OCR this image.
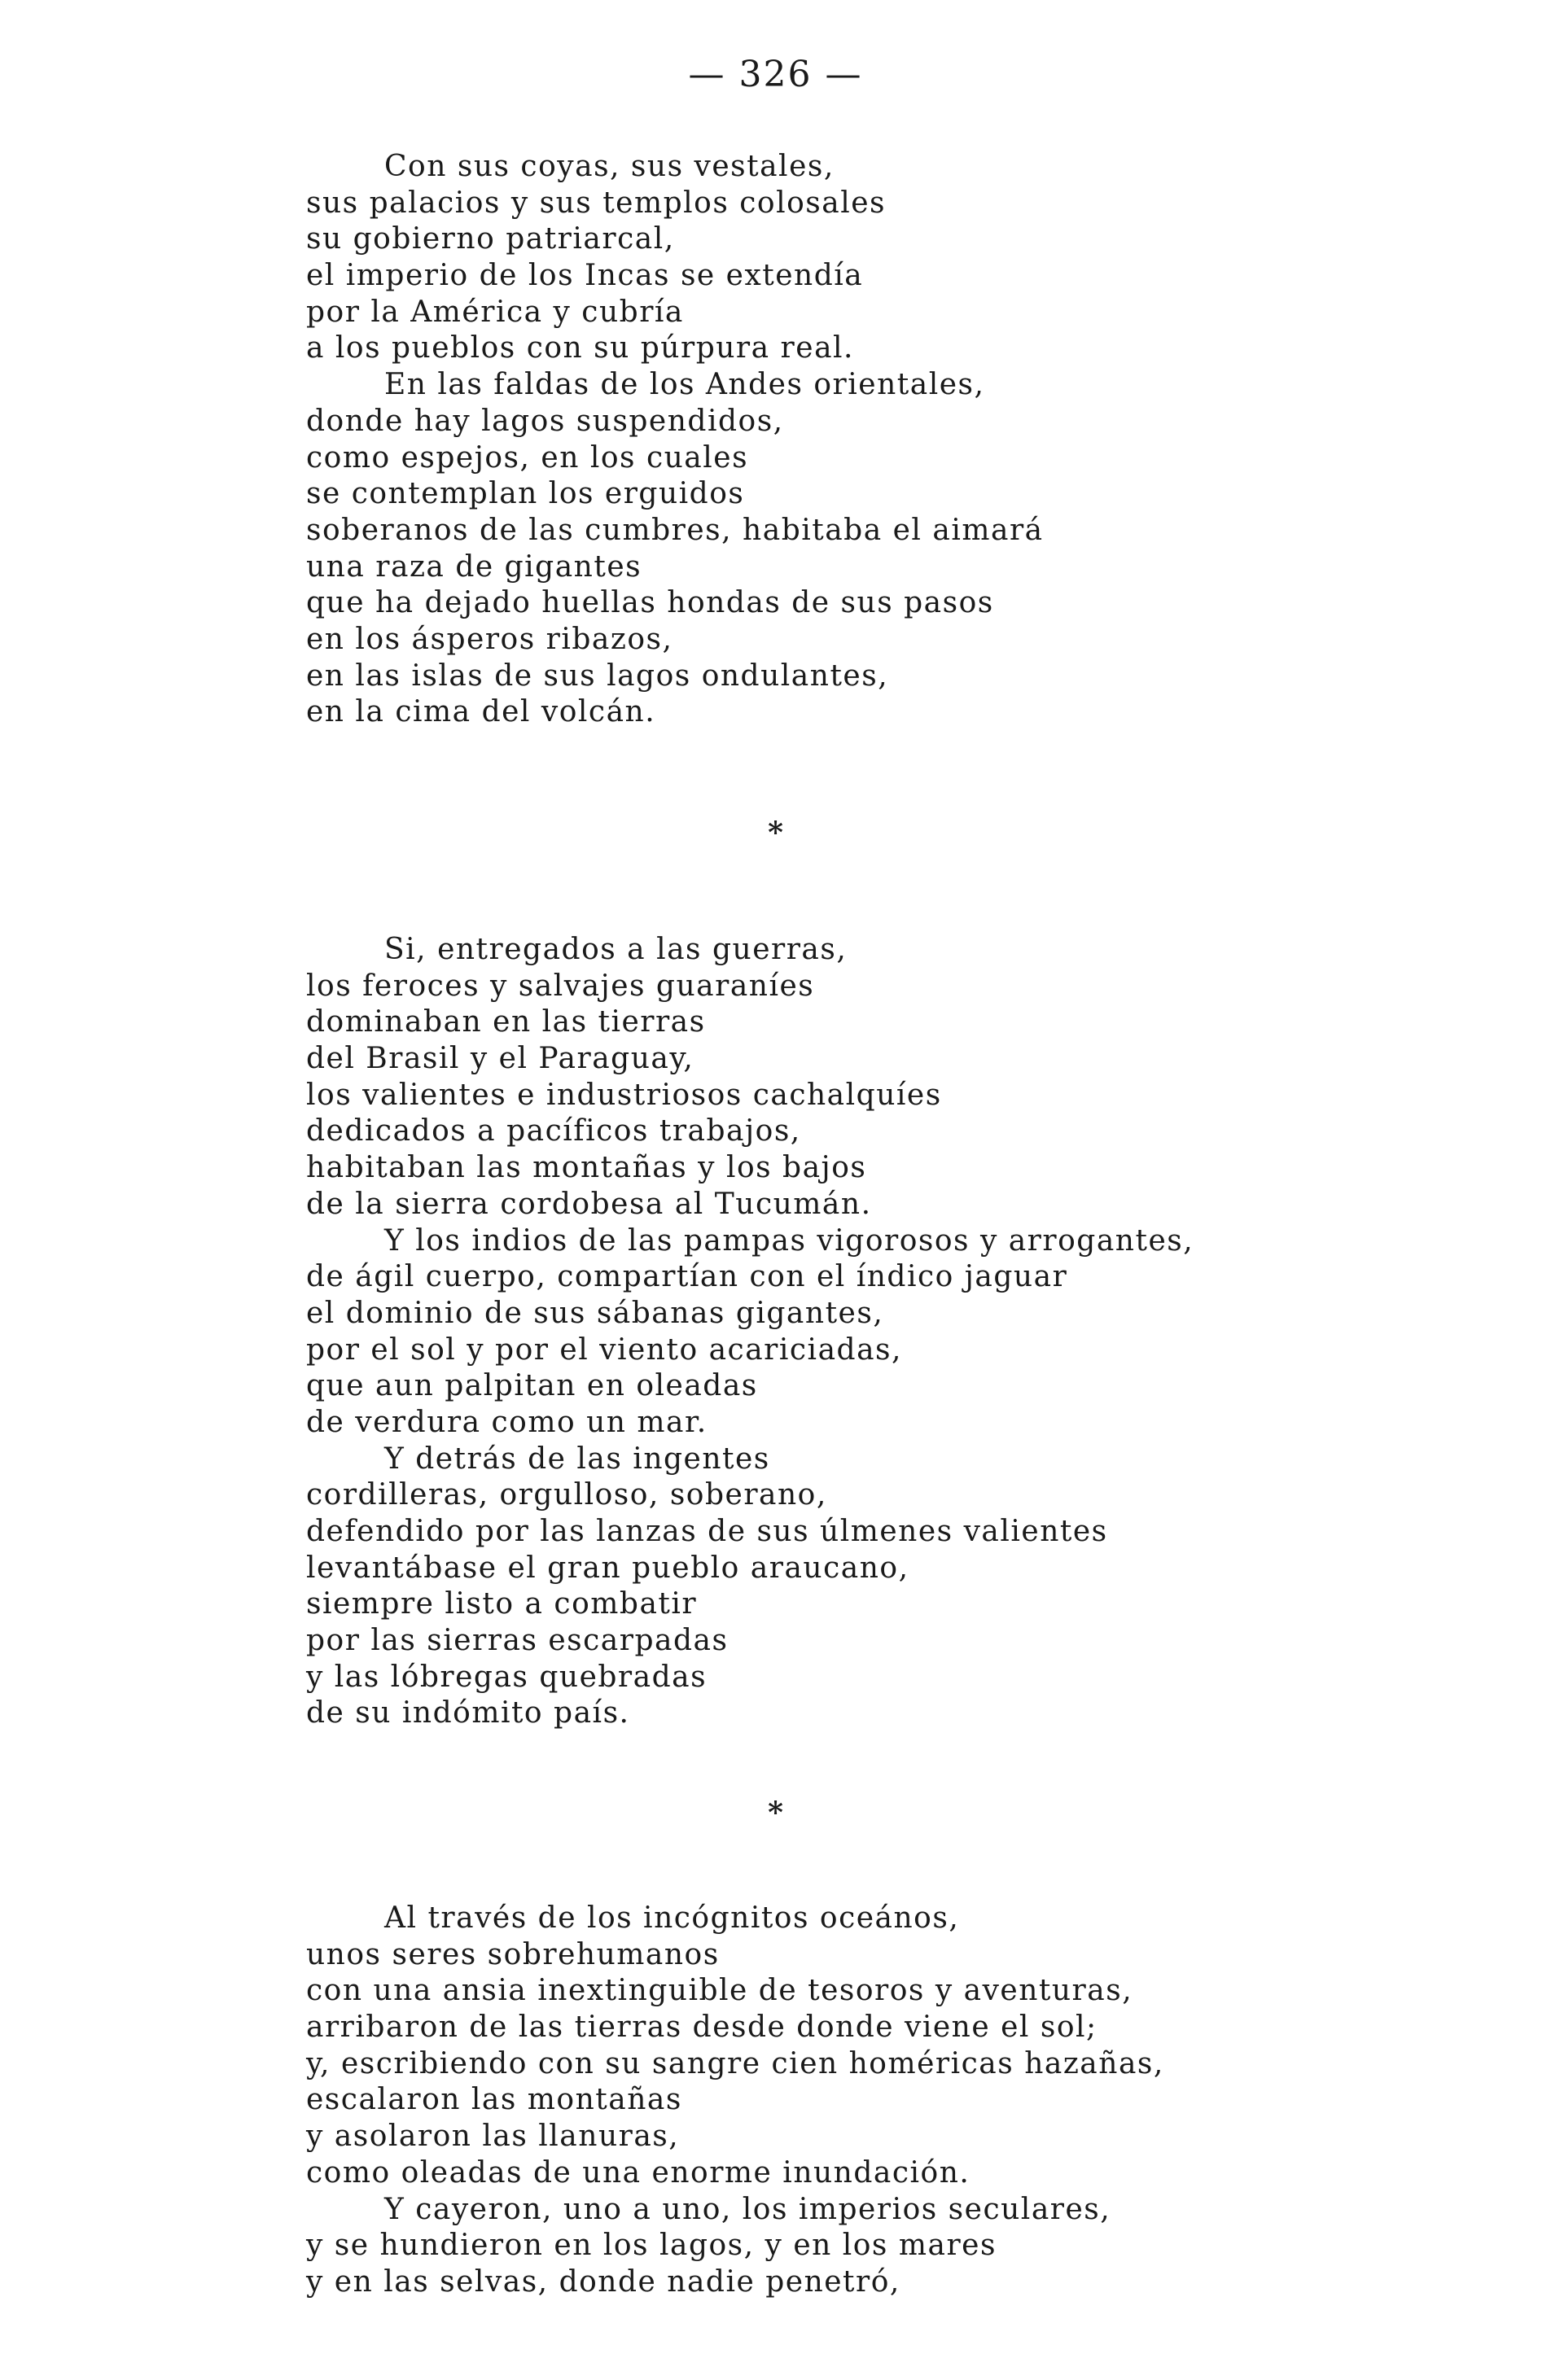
— 326 —
Con sus coyas, sus vestales,
sus palacios y sus templos colosales
su gobierno patriarcal,
el imperio de los Incas se extendía
por la América y cubría
a los pueblos con su púrpura real.
En las faldas de los Andes orientales,
donde hay lagos suspendidos,
como espejos, en los cuales
se contemplan los erguidos
soberanos de las cumbres, habitaba el aimará
una raza de gigantes
que ha dejado huellas hondas de sus pasos
en los ásperos ribazos,
en las islas de sus lagos ondulantes,
en la cima del volcán.
*
Si, entregados a las guerras,
los feroces y salvajes guaraníes
dominaban en las tierras
del Brasil y el Paraguay,
los valientes e industriosos cachalquíes
dedicados a pacíficos trabajos,
habitaban las montañas y los bajos
de la sierra cordobesa al Tucumán.
Y los indios de las pampas vigorosos y arrogantes,
de ágil cuerpo, compartían con el índico jaguar
el dominio de sus sábanas gigantes,
por el sol y por el viento acariciadas,
que aun palpitan en oleadas
de verdura como un mar.
Y detrás de las ingentes
cordilleras, orgulloso, soberano,
defendido por las lanzas de sus úlmenes valientes
levantábase el gran pueblo araucano,
siempre listo a combatir
por las sierras escarpadas
y las lóbregas quebradas
de su indómito país.
*
Al través de los incógnitos oceános,
unos seres sobrehumanos
con una ansia inextinguible de tesoros y aventuras,
arribaron de las tierras desde donde viene el sol;
y, escribiendo con su sangre cien homéricas hazañas,
escalaron las montañas
y asolaron las llanuras,
como oleadas de una enorme inundación.
Y cayeron, uno a uno, los imperios seculares,
y se hundieron en los lagos, y en los mares
y en las selvas, donde nadie penetró,
